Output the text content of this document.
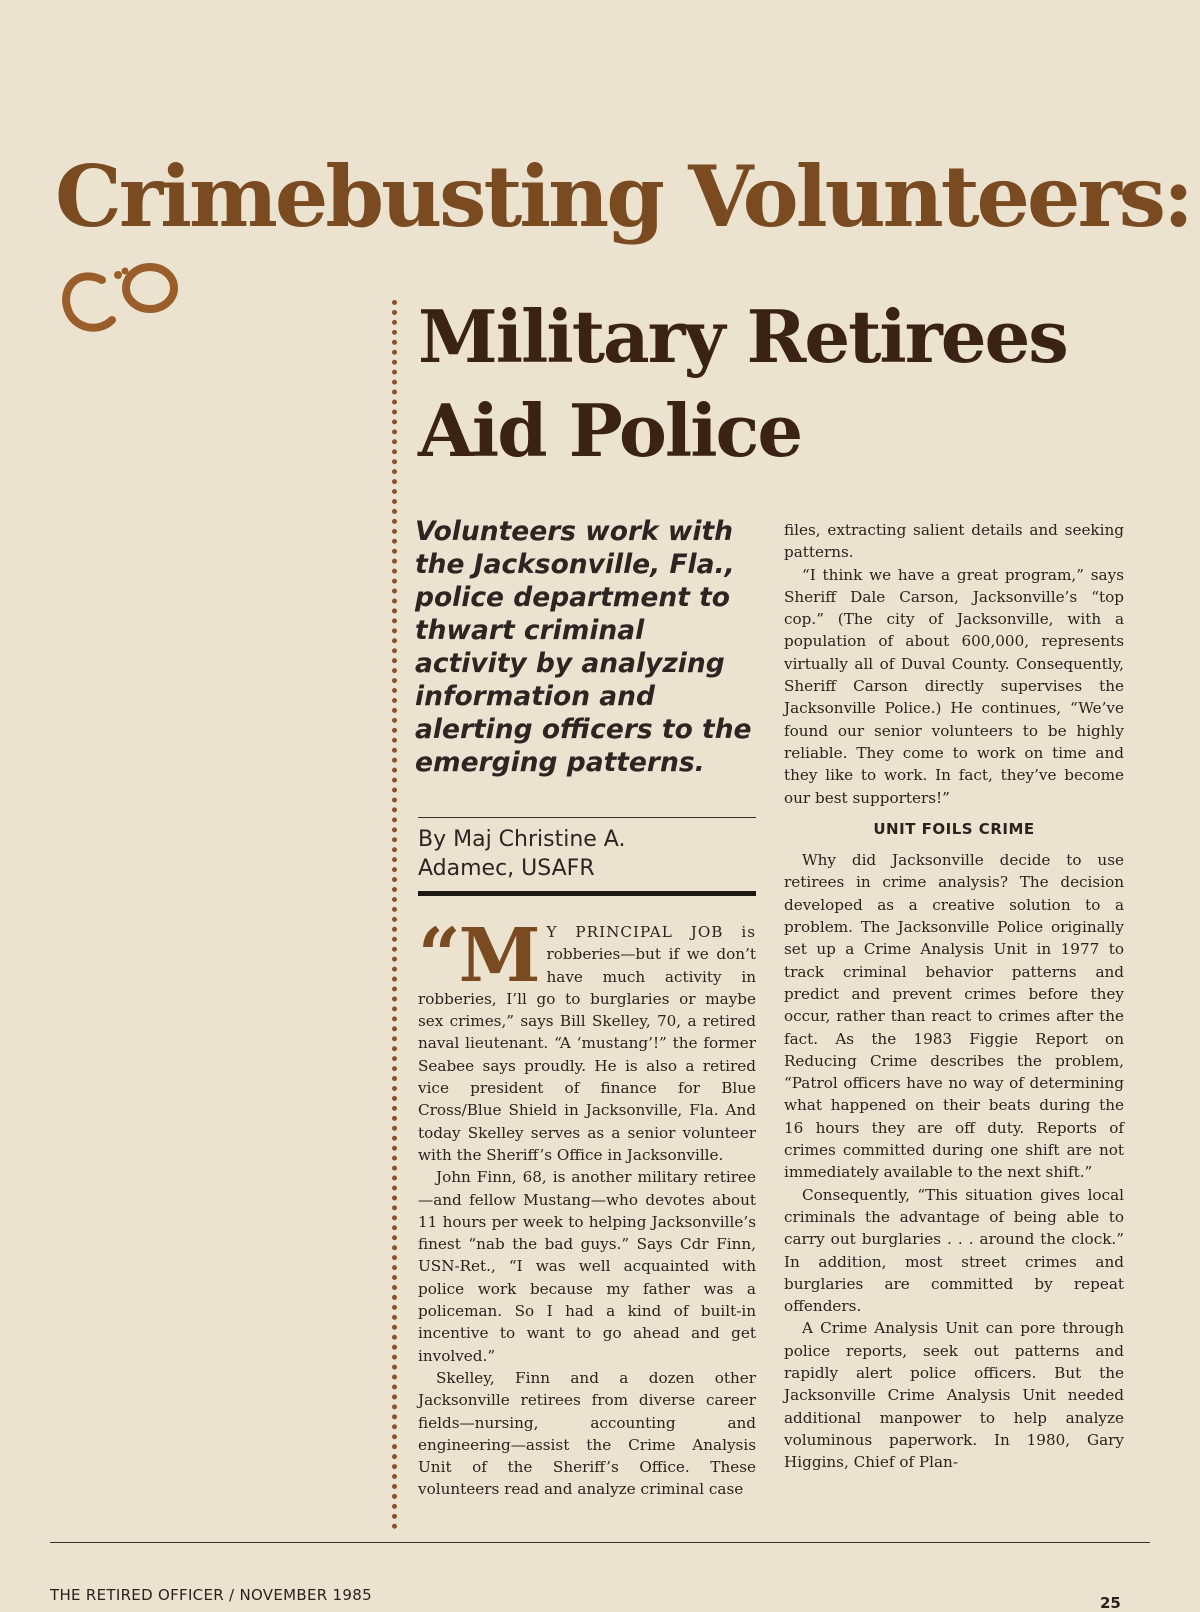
Crimebusting Volunteers:
Military Retirees
Aid Police

Volunteers work with the Jacksonville, Fla., police department to thwart criminal activity by analyzing information and alerting officers to the emerging patterns.

By Maj Christine A.
Adamec, USAFR

“M Y PRINCIPAL JOB is robberies—but if we don’t have much activity in robberies, I’ll go to burglaries or maybe sex crimes,” says Bill Skelley, 70, a retired naval lieutenant. “A ‘mustang’!” the former Seabee says proudly. He is also a retired vice president of finance for Blue Cross/Blue Shield in Jacksonville, Fla. And today Skelley serves as a senior volunteer with the Sheriff’s Office in Jacksonville.

John Finn, 68, is another military retiree—and fellow Mustang—who devotes about 11 hours per week to helping Jacksonville’s finest “nab the bad guys.” Says Cdr Finn, USN-Ret., “I was well acquainted with police work because my father was a policeman. So I had a kind of built-in incentive to want to go ahead and get involved.”

Skelley, Finn and a dozen other Jacksonville retirees from diverse career fields—nursing, accounting and engineering—assist the Crime Analysis Unit of the Sheriff’s Office. These volunteers read and analyze criminal case

files, extracting salient details and seeking patterns.

“I think we have a great program,” says Sheriff Dale Carson, Jacksonville’s “top cop.” (The city of Jacksonville, with a population of about 600,000, represents virtually all of Duval County. Consequently, Sheriff Carson directly supervises the Jacksonville Police.) He continues, “We’ve found our senior volunteers to be highly reliable. They come to work on time and they like to work. In fact, they’ve become our best supporters!”

UNIT FOILS CRIME

Why did Jacksonville decide to use retirees in crime analysis? The decision developed as a creative solution to a problem. The Jacksonville Police originally set up a Crime Analysis Unit in 1977 to track criminal behavior patterns and predict and prevent crimes before they occur, rather than react to crimes after the fact. As the 1983 Figgie Report on Reducing Crime describes the problem, “Patrol officers have no way of determining what happened on their beats during the 16 hours they are off duty. Reports of crimes committed during one shift are not immediately available to the next shift.”

Consequently, “This situation gives local criminals the advantage of being able to carry out burglaries . . . around the clock.” In addition, most street crimes and burglaries are committed by repeat offenders.

A Crime Analysis Unit can pore through police reports, seek out patterns and rapidly alert police officers. But the Jacksonville Crime Analysis Unit needed additional manpower to help analyze voluminous paperwork. In 1980, Gary Higgins, Chief of Plan-

THE RETIRED OFFICER / NOVEMBER 1985	25
